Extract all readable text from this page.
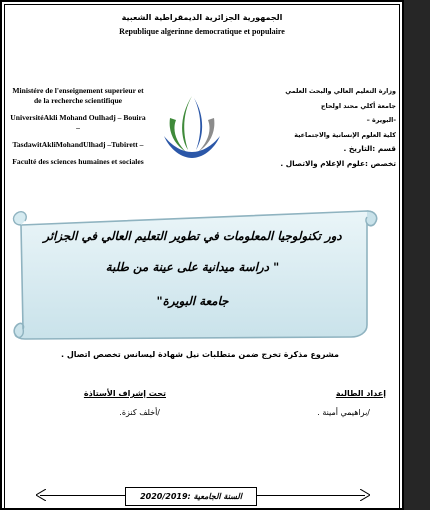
الجمهورية الجزائرية الديمقراطية الشعبية
Republique algerinne democratique et populaire
Ministére de l'enseignement superieur et de la recherche scientifique
UniversitéAkli Mohand Oulhadj – Bouira –
TasdawitAkliMohandUlhadj –Tubirett –
Faculté des sciences humaines et sociales
وزارة التعليم العالي والبحث العلمي
جامعة أكلي محند اولحاج
-البويرة –
كلية العلوم الإنسانية والاجتماعية
قسم :التاريخ .
تخصص :علوم الإعلام والاتصال .
دور تكنولوجيا المعلومات في تطوير التعليم العالي في الجزائر
" دراسة ميدانية على عينة من طلبة
جامعة البويرة"
مشروع مذكرة تخرج ضمن متطلبات نيل شهادة ليسانس تخصص اتصال .
إعداد الطالبة
تحت إشراف الأستاذة
/براهيمي أمينة .
/أخلف كنزة.
السنة الجامعية :2020/2019
